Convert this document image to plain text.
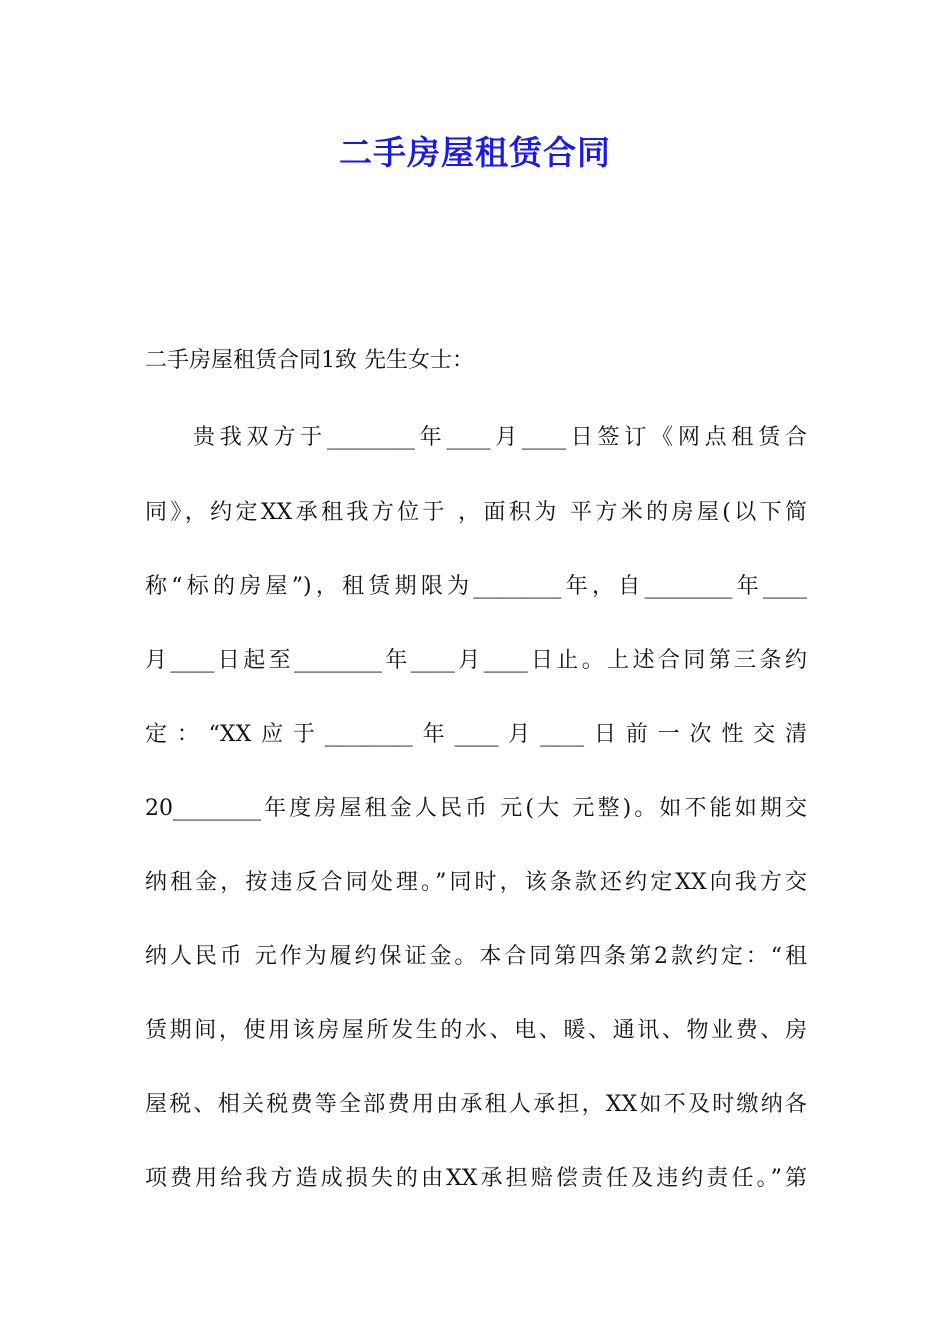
二手房屋租赁合同
二手房屋租赁合同1致 先生女士：
贵我双方于________年____月____日签订《网点租赁合
同》，约定XX承租我方位于 ，面积为 平方米的房屋(以下简
称“标的房屋”)，租赁期限为________年，自________年____
月____日起至________年____月____日止。上述合同第三条约
定：“XX应于________年____月____日前一次性交清
20________年度房屋租金人民币 元(大 元整)。如不能如期交
纳租金，按违反合同处理。”同时，该条款还约定XX向我方交
纳人民币 元作为履约保证金。本合同第四条第2款约定：“租
赁期间，使用该房屋所发生的水、电、暖、通讯、物业费、房
屋税、相关税费等全部费用由承租人承担，XX如不及时缴纳各
项费用给我方造成损失的由XX承担赔偿责任及违约责任。”第
